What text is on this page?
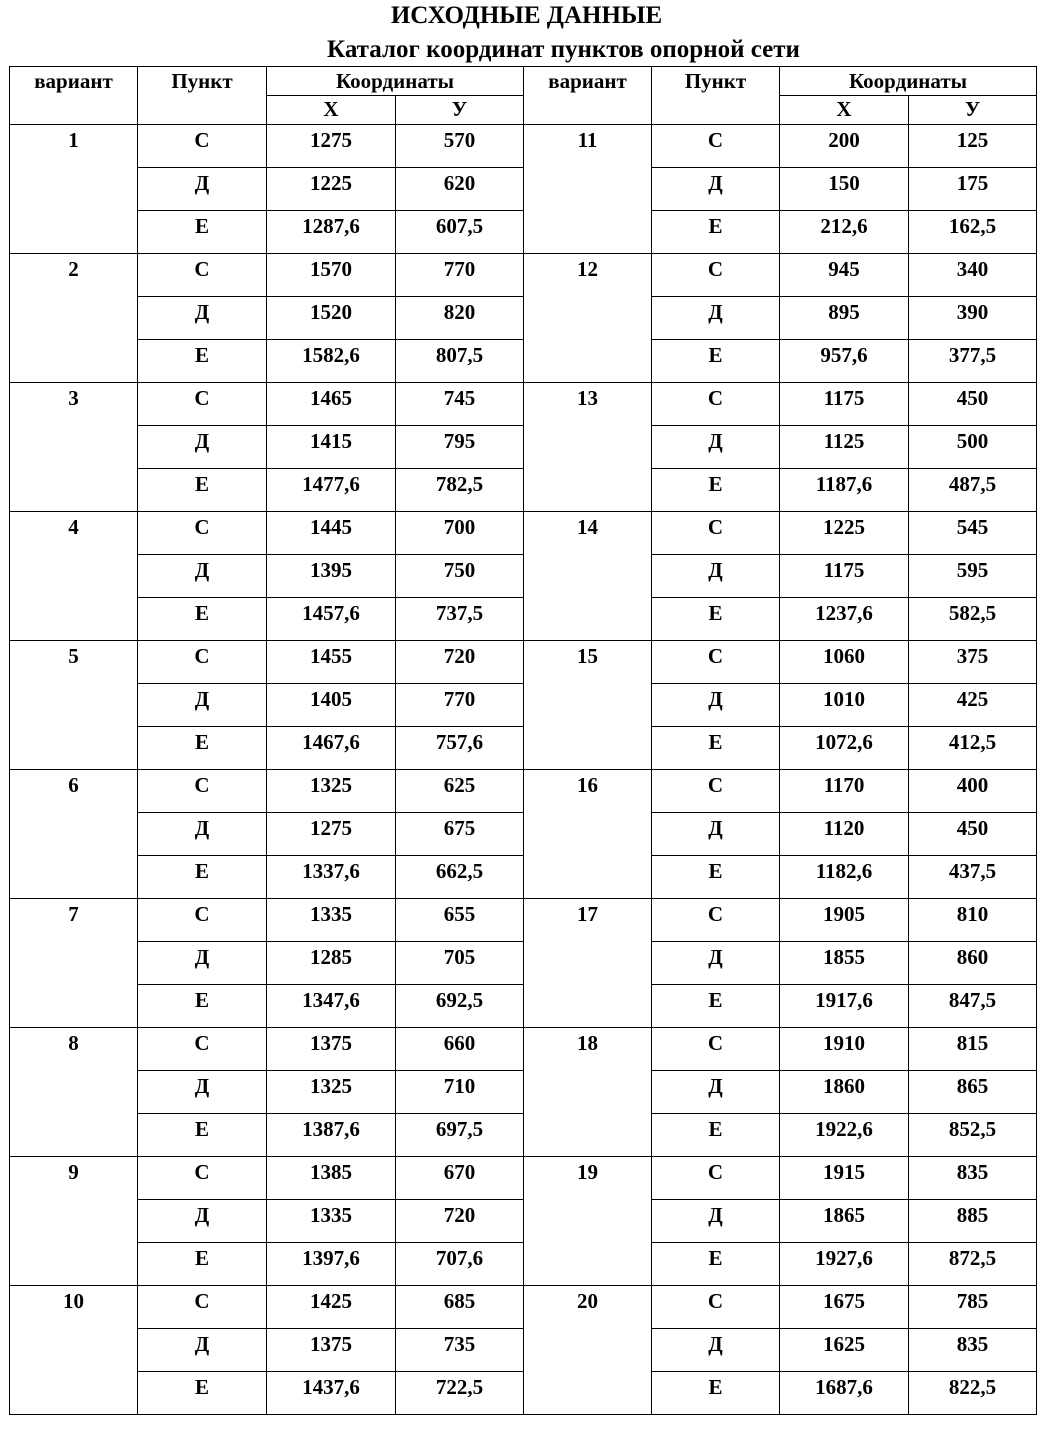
ИСХОДНЫЕ ДАННЫЕ
Каталог координат пунктов опорной сети
вариант	Пункт	Координаты		вариант	Пункт	Координаты	
		Х	У			Х	У
1	С	1275	570	11	С	200	125
	Д	1225	620		Д	150	175
	Е	1287,6	607,5		Е	212,6	162,5
2	С	1570	770	12	С	945	340
	Д	1520	820		Д	895	390
	Е	1582,6	807,5		Е	957,6	377,5
3	С	1465	745	13	С	1175	450
	Д	1415	795		Д	1125	500
	Е	1477,6	782,5		Е	1187,6	487,5
4	С	1445	700	14	С	1225	545
	Д	1395	750		Д	1175	595
	Е	1457,6	737,5		Е	1237,6	582,5
5	С	1455	720	15	С	1060	375
	Д	1405	770		Д	1010	425
	Е	1467,6	757,6		Е	1072,6	412,5
6	С	1325	625	16	С	1170	400
	Д	1275	675		Д	1120	450
	Е	1337,6	662,5		Е	1182,6	437,5
7	С	1335	655	17	С	1905	810
	Д	1285	705		Д	1855	860
	Е	1347,6	692,5		Е	1917,6	847,5
8	С	1375	660	18	С	1910	815
	Д	1325	710		Д	1860	865
	Е	1387,6	697,5		Е	1922,6	852,5
9	С	1385	670	19	С	1915	835
	Д	1335	720		Д	1865	885
	Е	1397,6	707,6		Е	1927,6	872,5
10	С	1425	685	20	С	1675	785
	Д	1375	735		Д	1625	835
	Е	1437,6	722,5		Е	1687,6	822,5
